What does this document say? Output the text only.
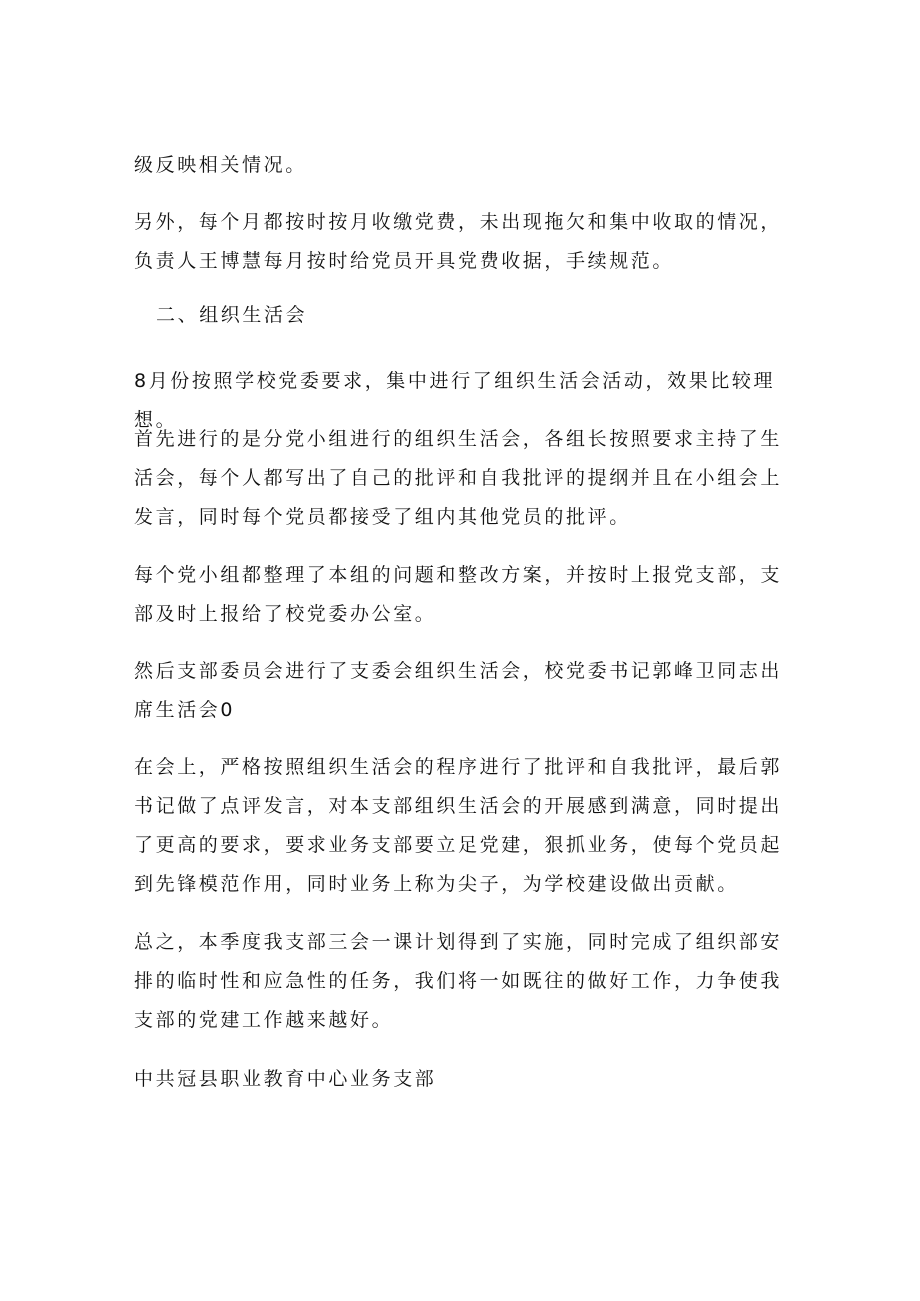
级反映相关情况。

另外，每个月都按时按月收缴党费，未出现拖欠和集中收取的情况，负责人王博慧每月按时给党员开具党费收据，手续规范。

二、组织生活会

8月份按照学校党委要求，集中进行了组织生活会活动，效果比较理想。

首先进行的是分党小组进行的组织生活会，各组长按照要求主持了生活会，每个人都写出了自己的批评和自我批评的提纲并且在小组会上发言，同时每个党员都接受了组内其他党员的批评。

每个党小组都整理了本组的问题和整改方案，并按时上报党支部，支部及时上报给了校党委办公室。

然后支部委员会进行了支委会组织生活会，校党委书记郭峰卫同志出席生活会0

在会上，严格按照组织生活会的程序进行了批评和自我批评，最后郭书记做了点评发言，对本支部组织生活会的开展感到满意，同时提出了更高的要求，要求业务支部要立足党建，狠抓业务，使每个党员起到先锋模范作用，同时业务上称为尖子，为学校建设做出贡献。

总之，本季度我支部三会一课计划得到了实施，同时完成了组织部安排的临时性和应急性的任务，我们将一如既往的做好工作，力争使我支部的党建工作越来越好。

中共冠县职业教育中心业务支部
